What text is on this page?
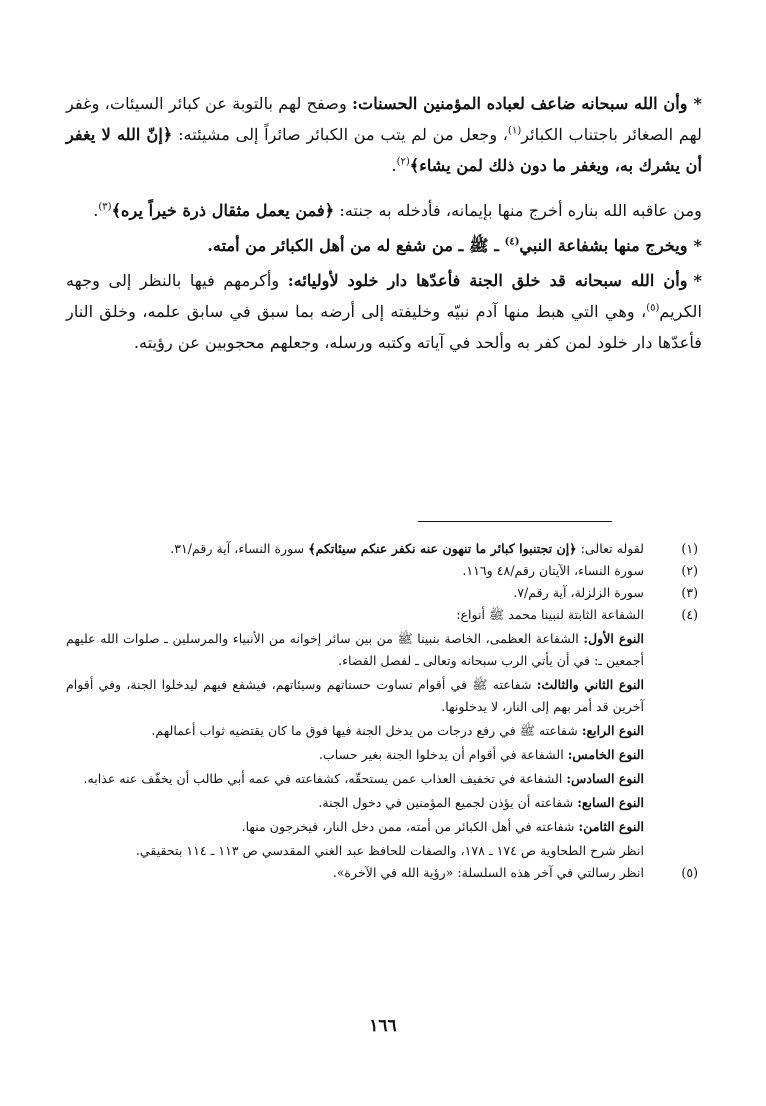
*وأن الله سبحانه ضاعف لعباده المؤمنين الحسنات: وصفح لهم بالتوبة عن كبائر السيئات، وغفر لهم الصغائر باجتناب الكبائر$^{(١)}$، وجعل من لم يتب من الكبائر صائراً إلى مشيئته: ﴿إنّ الله لا يغفر أن يشرك به، ويغفر ما دون ذلك لمن يشاء﴾$^{(٢)}$.

ومن عاقبه الله بناره أخرج منها بإيمانه، فأدخله به جنته: ﴿فمن يعمل مثقال ذرة خيراً يره﴾$^{(٣)}$.

*ويخرج منها بشفاعة النبي$^{(٤)}$ ـ ﷺ ـ من شفع له من أهل الكبائر من أمته.

*وأن الله سبحانه قد خلق الجنة فأعدّها دار خلود لأوليائه: وأكرمهم فيها بالنظر إلى وجهه الكريم$^{(٥)}$، وهي التي هبط منها آدم نبيّه وخليفته إلى أرضه بما سبق في سابق علمه، وخلق النار فأعدّها دار خلود لمن كفر به وألحد في آياته وكتبه ورسله، وجعلهم محجوبين عن رؤيته.

(١)

لقوله تعالى: ﴿إن تجتنبوا كبائر ما تنهون عنه نكفر عنكم سيئاتكم﴾ سورة النساء، آية رقم/٣١.

(٢)

سورة النساء، الآيتان رقم/٤٨ و١١٦.

(٣)

سورة الزلزلة، آية رقم/٧.

(٤)

الشفاعة الثابتة لنبينا محمد ﷺ أنواع:

النوع الأول: الشفاعة العظمى، الخاصة بنبينا ﷺ من بين سائر إخوانه من الأنبياء والمرسلين ـ صلوات الله عليهم أجمعين ـ: في أن يأتي الرب سبحانه وتعالى ـ لفصل القضاء.

النوع الثاني والثالث: شفاعته ﷺ في أقوام تساوت حسناتهم وسيئاتهم، فيشفع فيهم ليدخلوا الجنة، وفي أقوام آخرين قد أمر بهم إلى النار، لا يدخلونها.

النوع الرابع: شفاعته ﷺ في رفع درجات من يدخل الجنة فيها فوق ما كان يقتضيه ثواب أعمالهم.

النوع الخامس: الشفاعة في أقوام أن يدخلوا الجنة بغير حساب.

النوع السادس: الشفاعة في تخفيف العذاب عمن يستحقّه، كشفاعته في عمه أبي طالب أن يخفّف عنه عذابه.

النوع السابع: شفاعته أن يؤذن لجميع المؤمنين في دخول الجنة.

النوع الثامن: شفاعته في أهل الكبائر من أمته، ممن دخل النار، فيخرجون منها.

انظر شرح الطحاوية ص ١٧٤ ـ ١٧٨، والصفات للحافظ عبد الغني المقدسي ص ١١٣ ـ ١١٤ بتحقيقي.

(٥)

انظر رسالتي في آخر هذه السلسلة: «رؤية الله في الآخرة».

١٦٦
